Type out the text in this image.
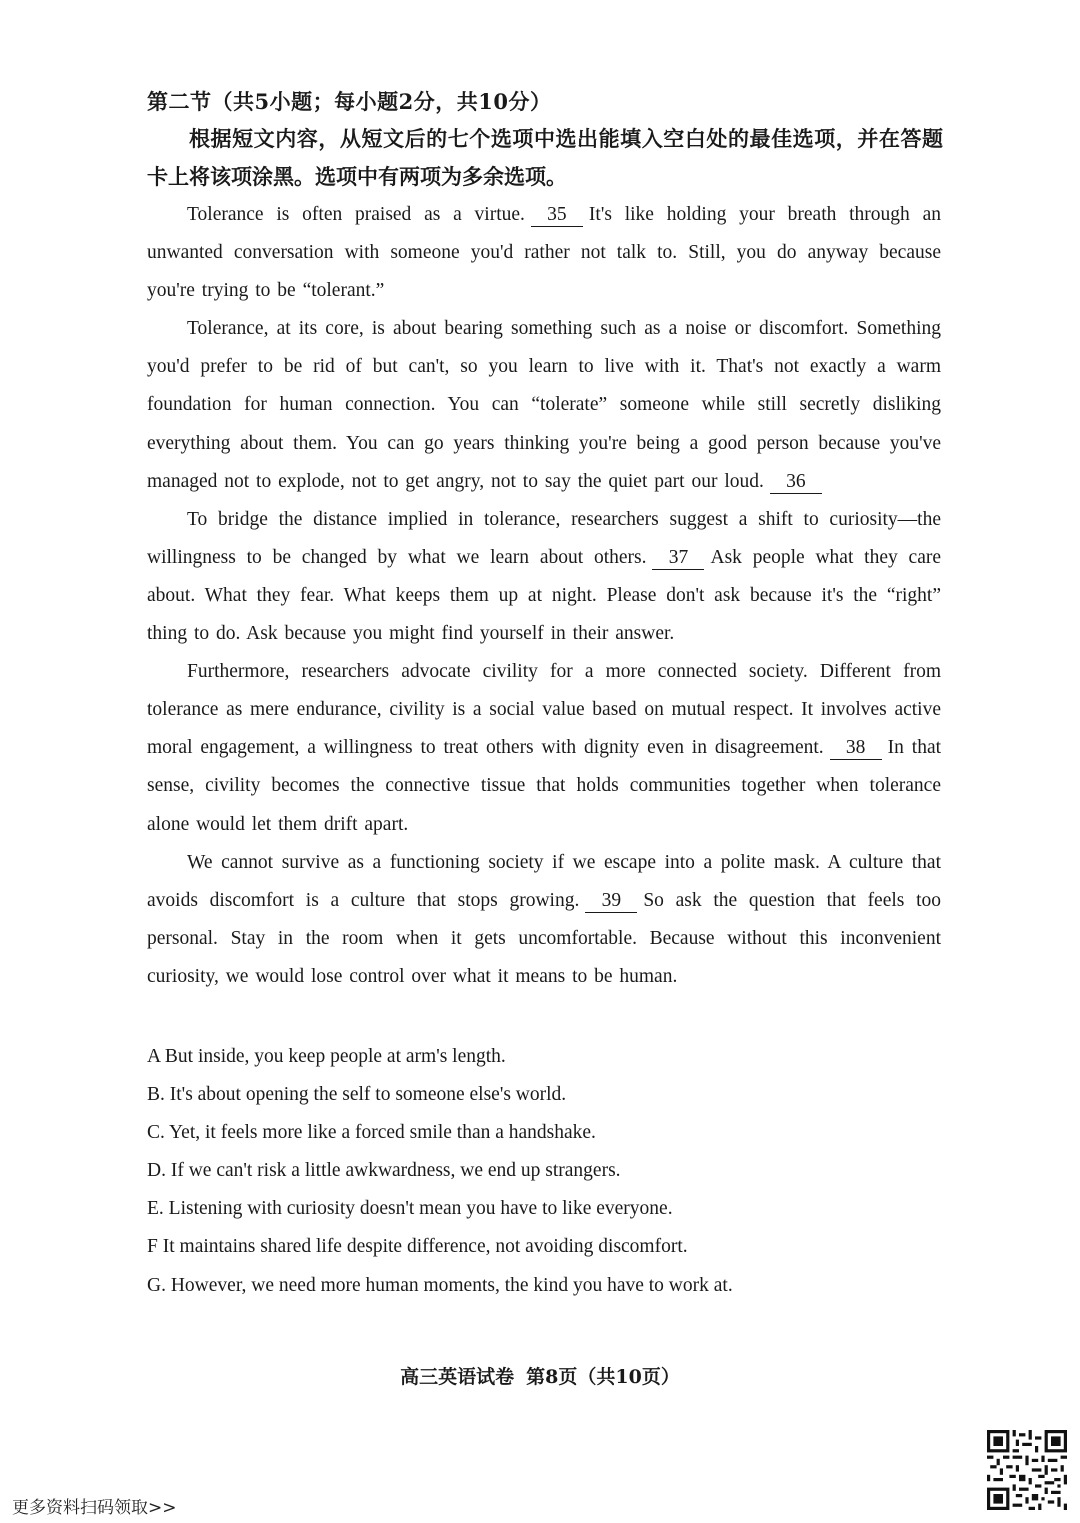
第二节（共5小题；每小题2分，共10分）
根据短文内容，从短文后的七个选项中选出能填入空白处的最佳选项，并在答题卡上将该项涂黑。选项中有两项为多余选项。

Tolerance is often praised as a virtue. 35 It's like holding your breath through an unwanted conversation with someone you'd rather not talk to. Still, you do anyway because you're trying to be “tolerant.”

Tolerance, at its core, is about bearing something such as a noise or discomfort. Something you'd prefer to be rid of but can't, so you learn to live with it. That's not exactly a warm foundation for human connection. You can “tolerate” someone while still secretly disliking everything about them. You can go years thinking you're being a good person because you've managed not to explode, not to get angry, not to say the quiet part our loud. 36

To bridge the distance implied in tolerance, researchers suggest a shift to curiosity—the willingness to be changed by what we learn about others. 37 Ask people what they care about. What they fear. What keeps them up at night. Please don't ask because it's the “right” thing to do. Ask because you might find yourself in their answer.

Furthermore, researchers advocate civility for a more connected society. Different from tolerance as mere endurance, civility is a social value based on mutual respect. It involves active moral engagement, a willingness to treat others with dignity even in disagreement. 38 In that sense, civility becomes the connective tissue that holds communities together when tolerance alone would let them drift apart.

We cannot survive as a functioning society if we escape into a polite mask. A culture that avoids discomfort is a culture that stops growing. 39 So ask the question that feels too personal. Stay in the room when it gets uncomfortable. Because without this inconvenient curiosity, we would lose control over what it means to be human.

A But inside, you keep people at arm's length.
B. It's about opening the self to someone else's world.
C. Yet, it feels more like a forced smile than a handshake.
D. If we can't risk a little awkwardness, we end up strangers.
E. Listening with curiosity doesn't mean you have to like everyone.
F It maintains shared life despite difference, not avoiding discomfort.
G. However, we need more human moments, the kind you have to work at.
高三英语试卷 第8页（共10页）
更多资料扫码领取>>
